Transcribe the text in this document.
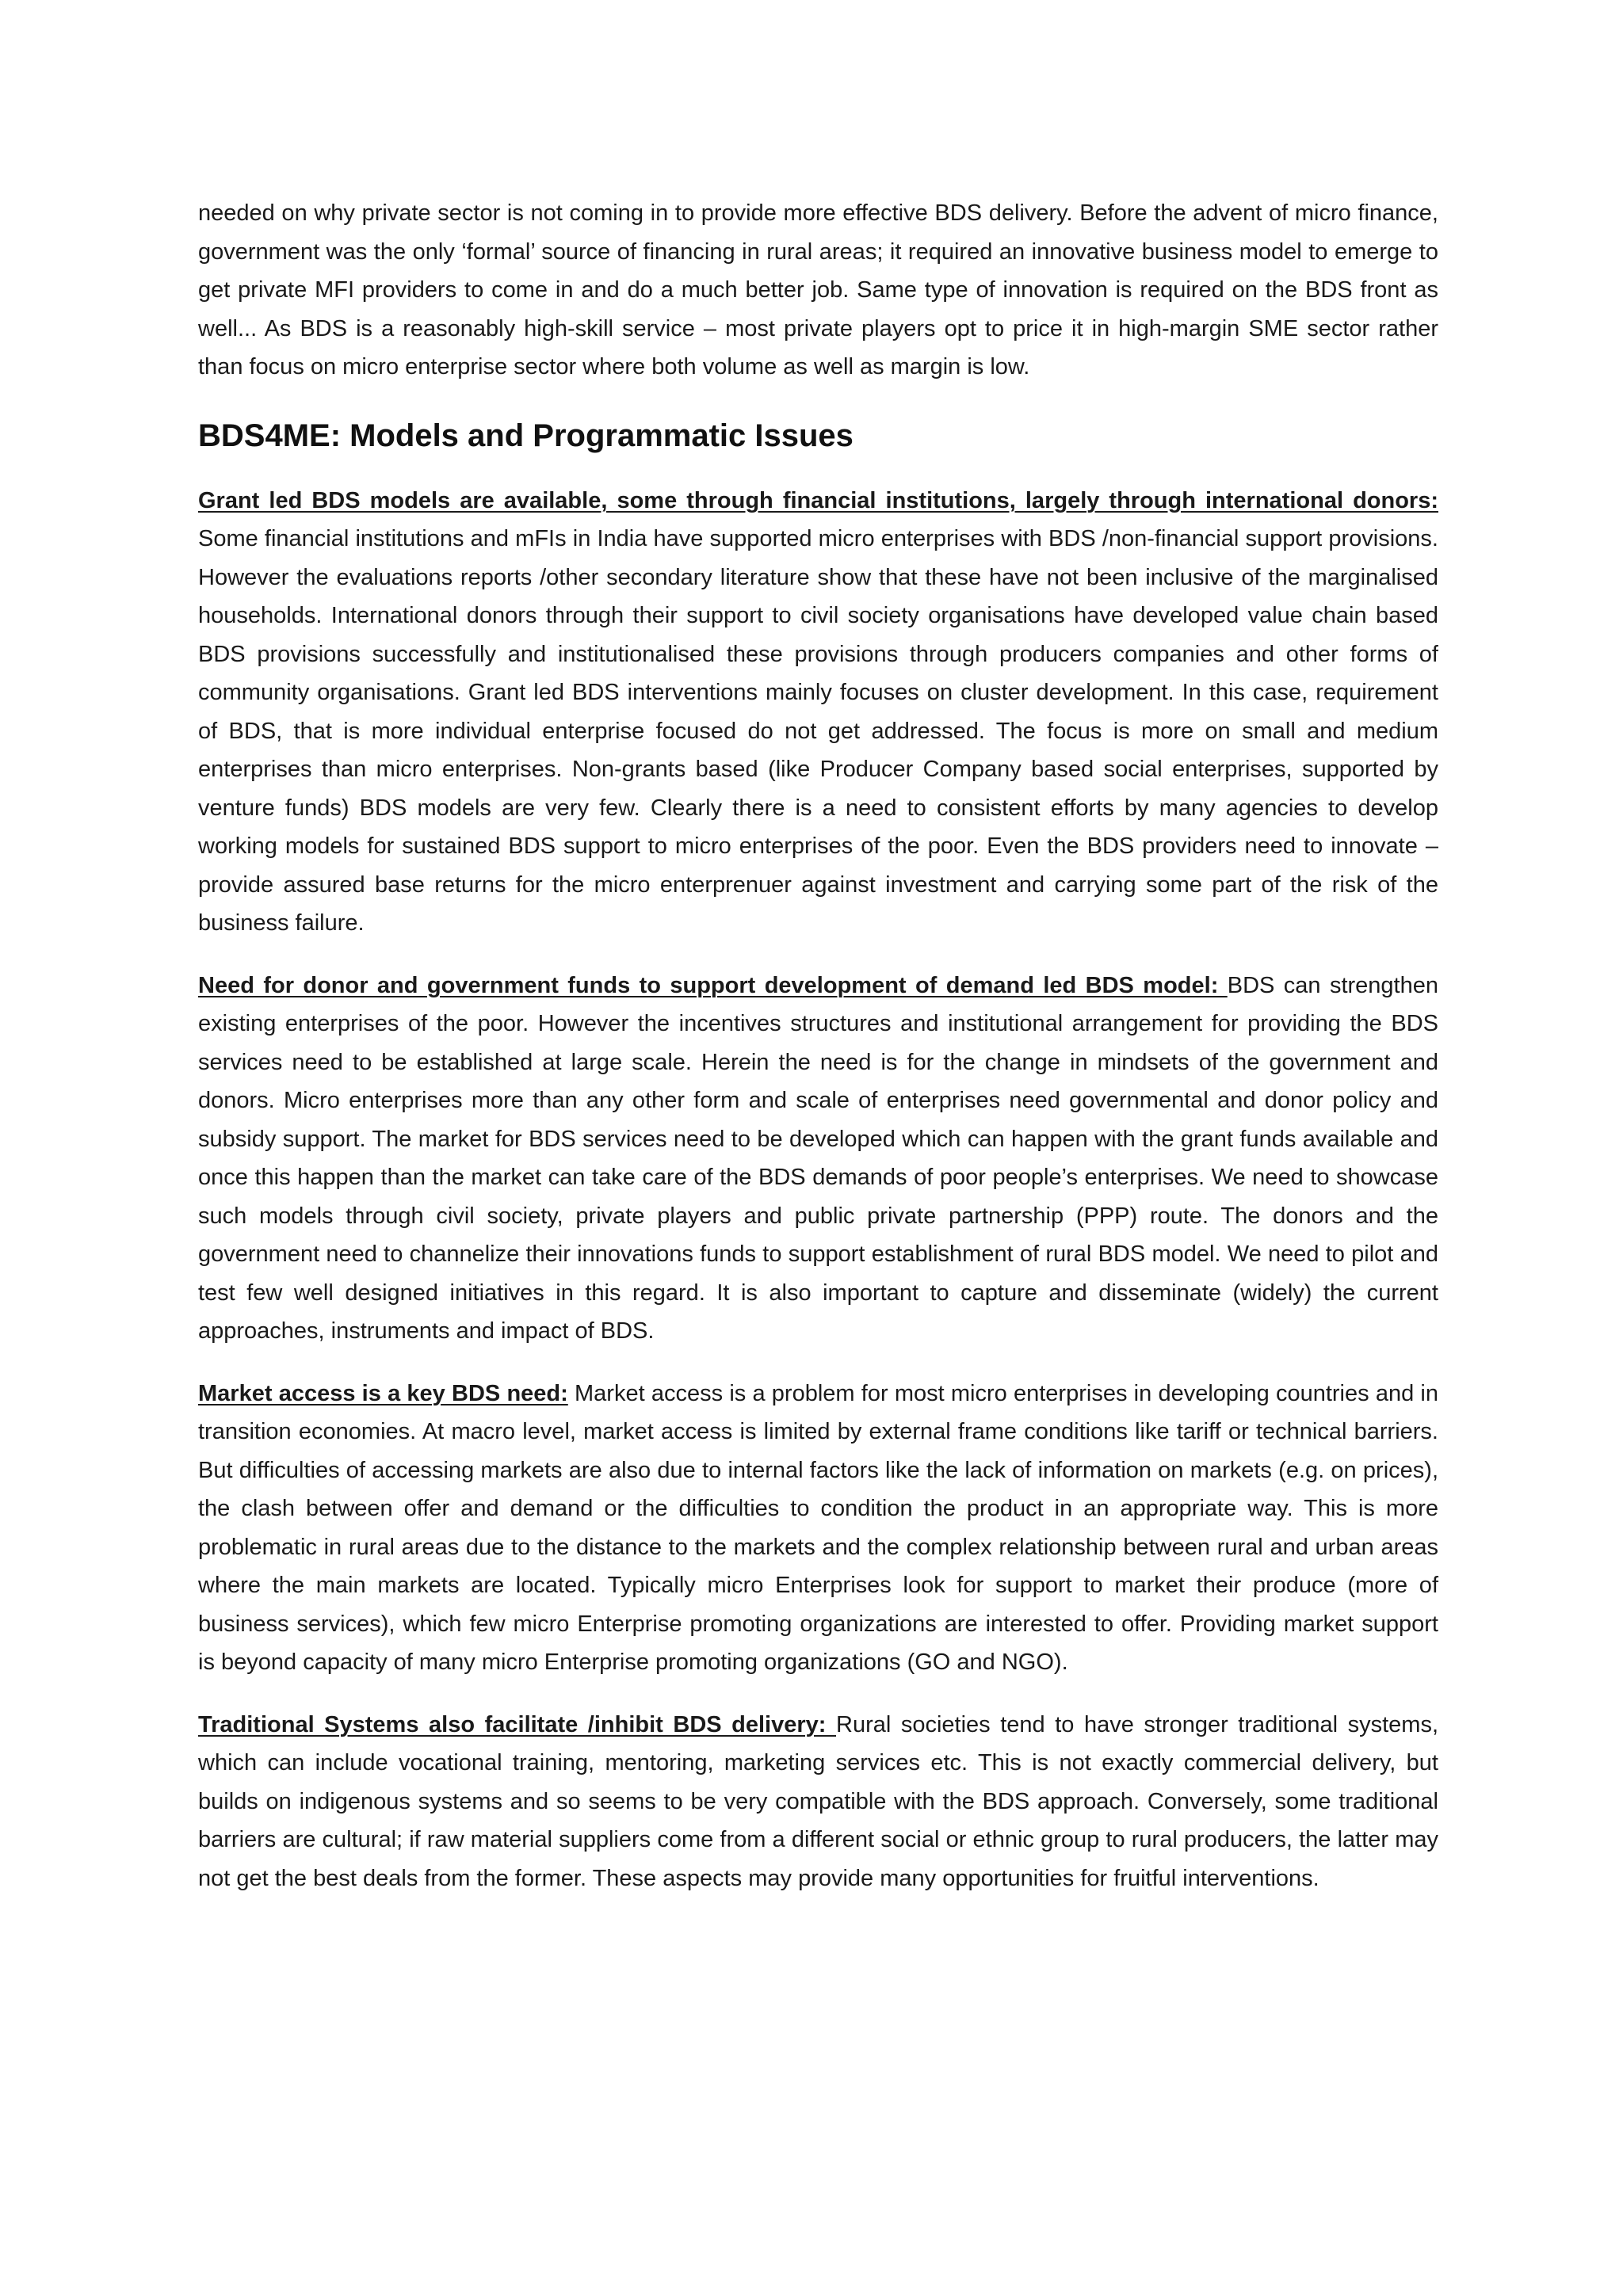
needed on why private sector is not coming in to provide more effective BDS delivery. Before the advent of micro finance, government was the only ‘formal’ source of financing in rural areas; it required an innovative business model to emerge to get private MFI providers to come in and do a much better job. Same type of innovation is required on the BDS front as well... As BDS is a reasonably high-skill service – most private players opt to price it in high-margin SME sector rather than focus on micro enterprise sector where both volume as well as margin is low.

BDS4ME: Models and Programmatic Issues

Grant led BDS models are available, some through financial institutions, largely through international donors: Some financial institutions and mFIs in India have supported micro enterprises with BDS /non-financial support provisions. However the evaluations reports /other secondary literature show that these have not been inclusive of the marginalised households. International donors through their support to civil society organisations have developed value chain based BDS provisions successfully and institutionalised these provisions through producers companies and other forms of community organisations. Grant led BDS interventions mainly focuses on cluster development. In this case, requirement of BDS, that is more individual enterprise focused do not get addressed. The focus is more on small and medium enterprises than micro enterprises. Non-grants based (like Producer Company based social enterprises, supported by venture funds) BDS models are very few. Clearly there is a need to consistent efforts by many agencies to develop working models for sustained BDS support to micro enterprises of the poor. Even the BDS providers need to innovate – provide assured base returns for the micro enterprenuer against investment and carrying some part of the risk of the business failure.

Need for donor and government funds to support development of demand led BDS model: BDS can strengthen existing enterprises of the poor. However the incentives structures and institutional arrangement for providing the BDS services need to be established at large scale. Herein the need is for the change in mindsets of the government and donors. Micro enterprises more than any other form and scale of enterprises need governmental and donor policy and subsidy support. The market for BDS services need to be developed which can happen with the grant funds available and once this happen than the market can take care of the BDS demands of poor people’s enterprises. We need to showcase such models through civil society, private players and public private partnership (PPP) route. The donors and the government need to channelize their innovations funds to support establishment of rural BDS model. We need to pilot and test few well designed initiatives in this regard. It is also important to capture and disseminate (widely) the current approaches, instruments and impact of BDS.

Market access is a key BDS need: Market access is a problem for most micro enterprises in developing countries and in transition economies. At macro level, market access is limited by external frame conditions like tariff or technical barriers. But difficulties of accessing markets are also due to internal factors like the lack of information on markets (e.g. on prices), the clash between offer and demand or the difficulties to condition the product in an appropriate way. This is more problematic in rural areas due to the distance to the markets and the complex relationship between rural and urban areas where the main markets are located. Typically micro Enterprises look for support to market their produce (more of business services), which few micro Enterprise promoting organizations are interested to offer. Providing market support is beyond capacity of many micro Enterprise promoting organizations (GO and NGO).

Traditional Systems also facilitate /inhibit BDS delivery: Rural societies tend to have stronger traditional systems, which can include vocational training, mentoring, marketing services etc. This is not exactly commercial delivery, but builds on indigenous systems and so seems to be very compatible with the BDS approach. Conversely, some traditional barriers are cultural; if raw material suppliers come from a different social or ethnic group to rural producers, the latter may not get the best deals from the former. These aspects may provide many opportunities for fruitful interventions.
